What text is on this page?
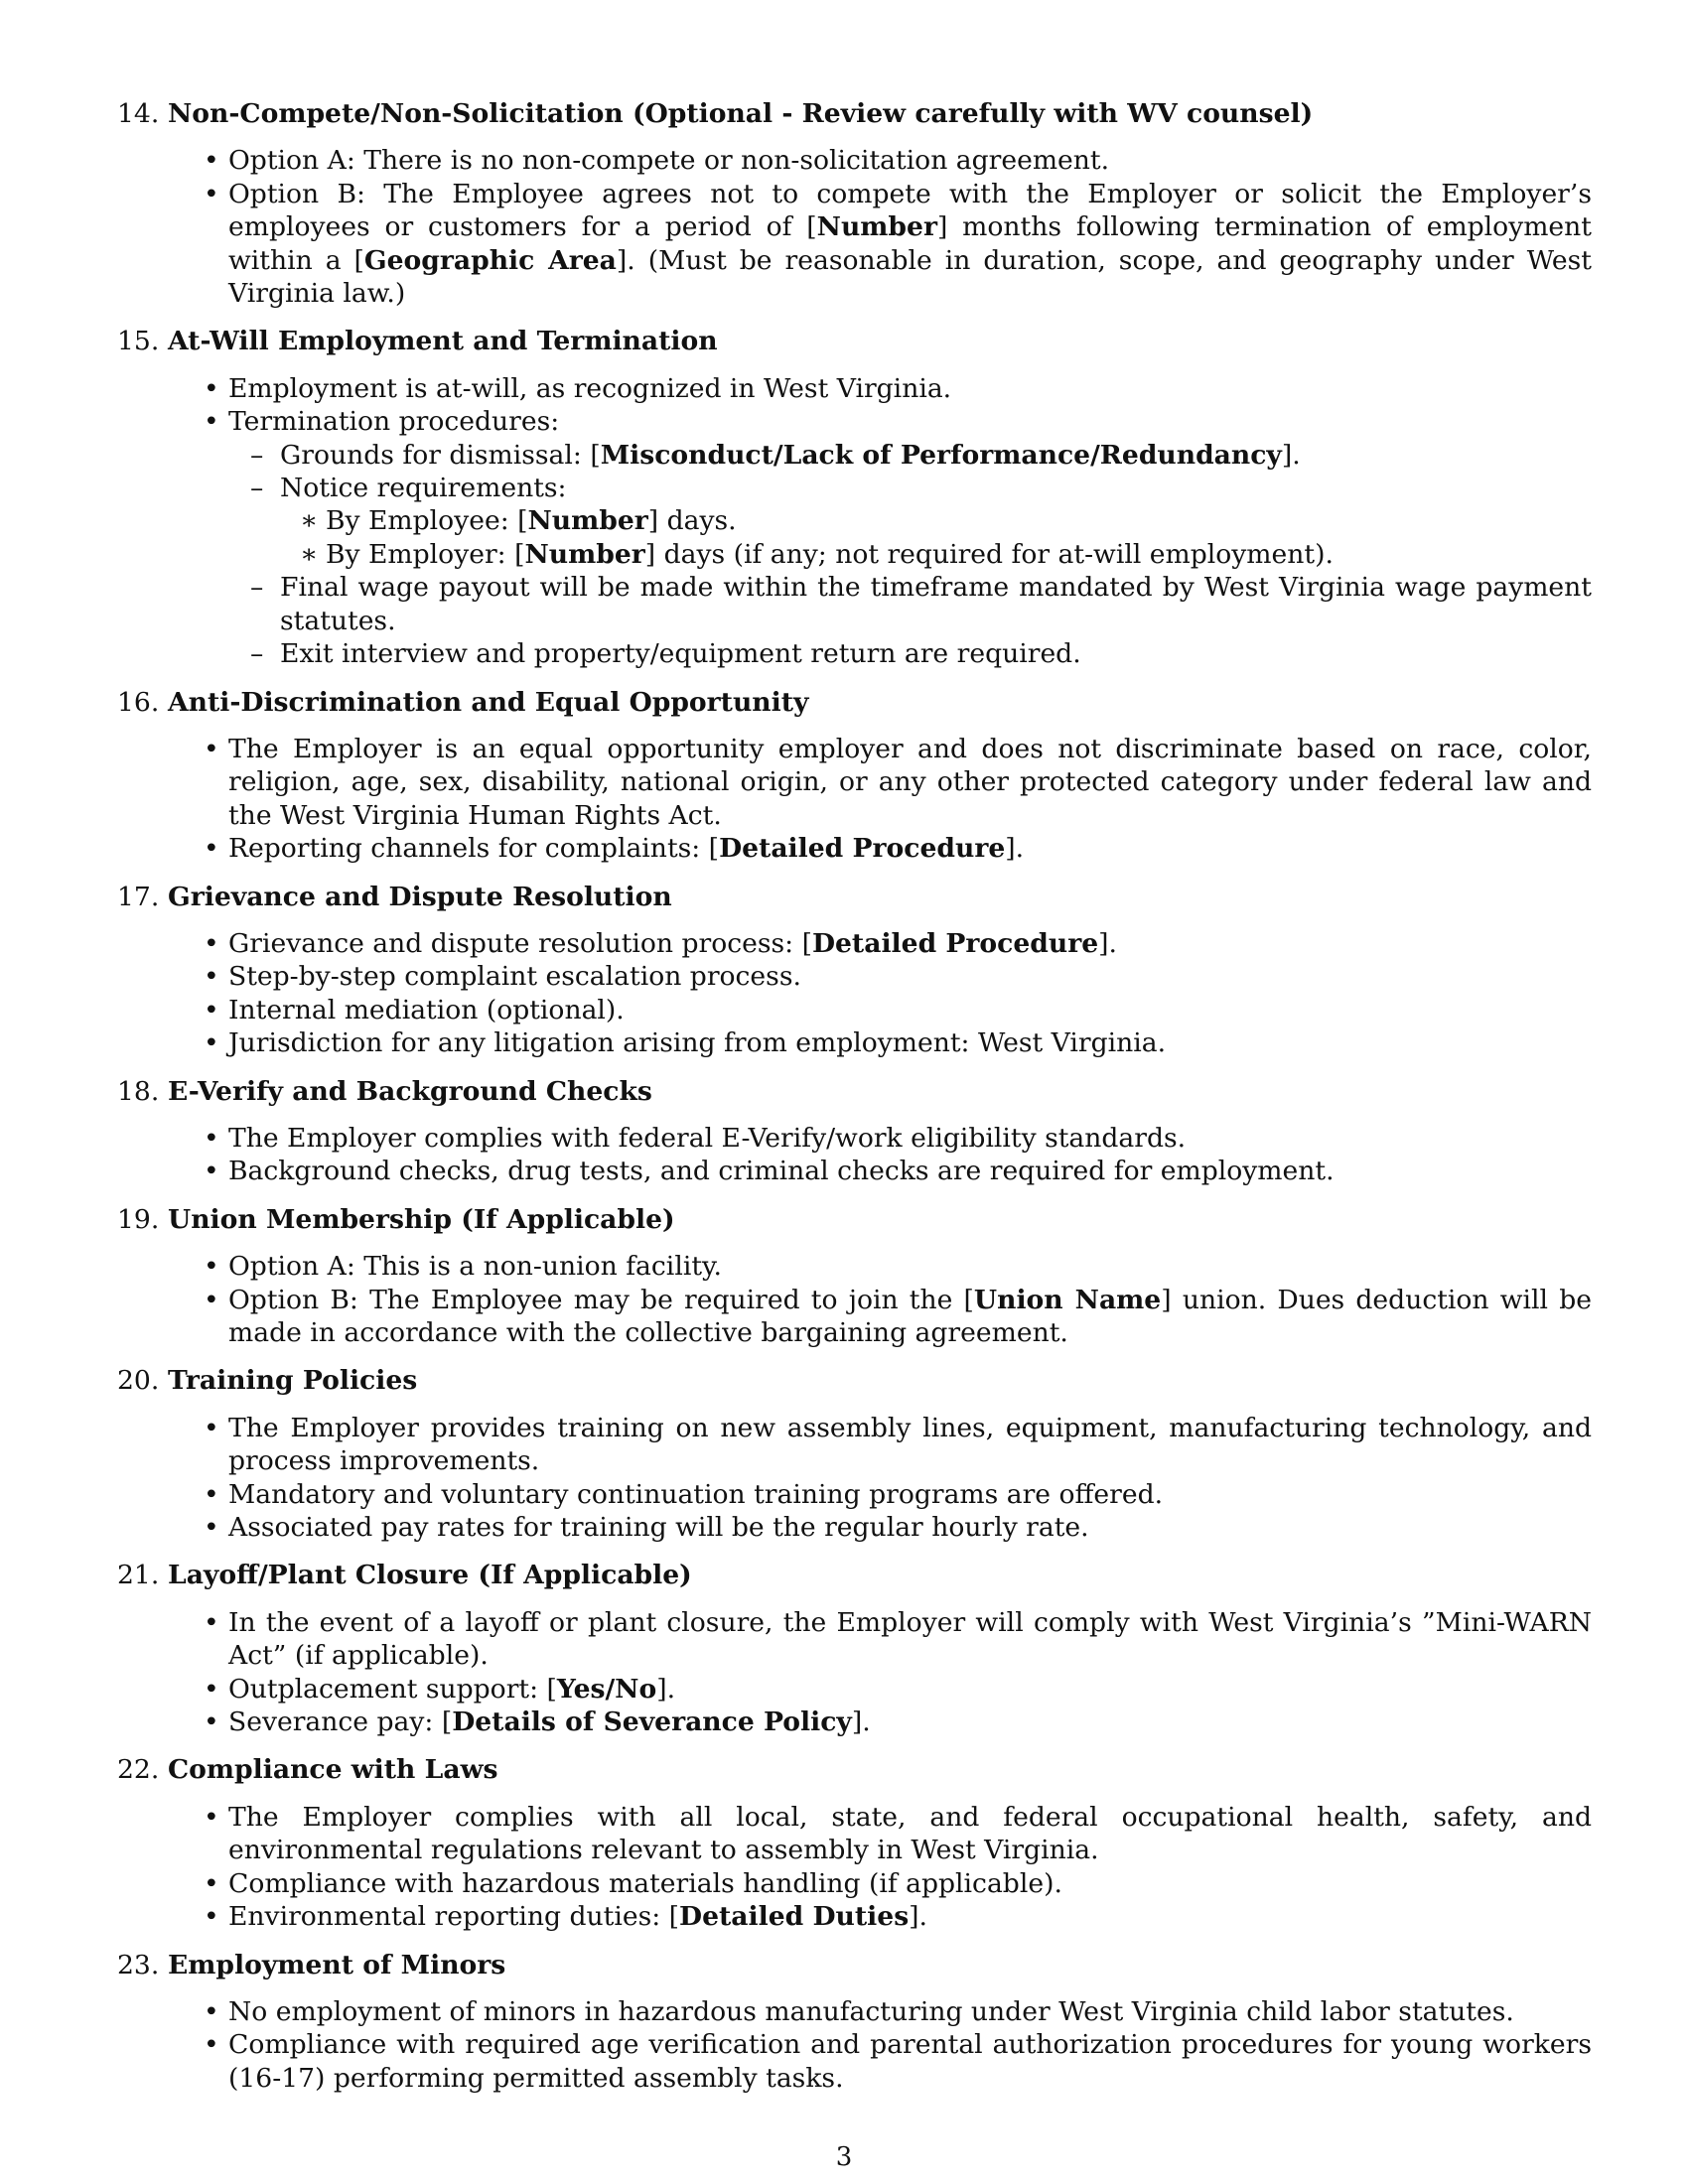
14. Non-Compete/Non-Solicitation (Optional - Review carefully with WV counsel)
• Option A: There is no non-compete or non-solicitation agreement.
• Option B: The Employee agrees not to compete with the Employer or solicit the Employer’s employees or customers for a period of [Number] months following termination of employment within a [Geographic Area]. (Must be reasonable in duration, scope, and geography under West Virginia law.)
15. At-Will Employment and Termination
• Employment is at-will, as recognized in West Virginia.
• Termination procedures:
– Grounds for dismissal: [Misconduct/Lack of Performance/Redundancy].
– Notice requirements:
∗ By Employee: [Number] days.
∗ By Employer: [Number] days (if any; not required for at-will employment).
– Final wage payout will be made within the timeframe mandated by West Virginia wage payment statutes.
– Exit interview and property/equipment return are required.
16. Anti-Discrimination and Equal Opportunity
• The Employer is an equal opportunity employer and does not discriminate based on race, color, religion, age, sex, disability, national origin, or any other protected category under federal law and the West Virginia Human Rights Act.
• Reporting channels for complaints: [Detailed Procedure].
17. Grievance and Dispute Resolution
• Grievance and dispute resolution process: [Detailed Procedure].
• Step-by-step complaint escalation process.
• Internal mediation (optional).
• Jurisdiction for any litigation arising from employment: West Virginia.
18. E-Verify and Background Checks
• The Employer complies with federal E-Verify/work eligibility standards.
• Background checks, drug tests, and criminal checks are required for employment.
19. Union Membership (If Applicable)
• Option A: This is a non-union facility.
• Option B: The Employee may be required to join the [Union Name] union. Dues deduction will be made in accordance with the collective bargaining agreement.
20. Training Policies
• The Employer provides training on new assembly lines, equipment, manufacturing technology, and process improvements.
• Mandatory and voluntary continuation training programs are offered.
• Associated pay rates for training will be the regular hourly rate.
21. Layoff/Plant Closure (If Applicable)
• In the event of a layoff or plant closure, the Employer will comply with West Virginia’s ”Mini-WARN Act” (if applicable).
• Outplacement support: [Yes/No].
• Severance pay: [Details of Severance Policy].
22. Compliance with Laws
• The Employer complies with all local, state, and federal occupational health, safety, and environmental regulations relevant to assembly in West Virginia.
• Compliance with hazardous materials handling (if applicable).
• Environmental reporting duties: [Detailed Duties].
23. Employment of Minors
• No employment of minors in hazardous manufacturing under West Virginia child labor statutes.
• Compliance with required age verification and parental authorization procedures for young workers (16-17) performing permitted assembly tasks.
3
